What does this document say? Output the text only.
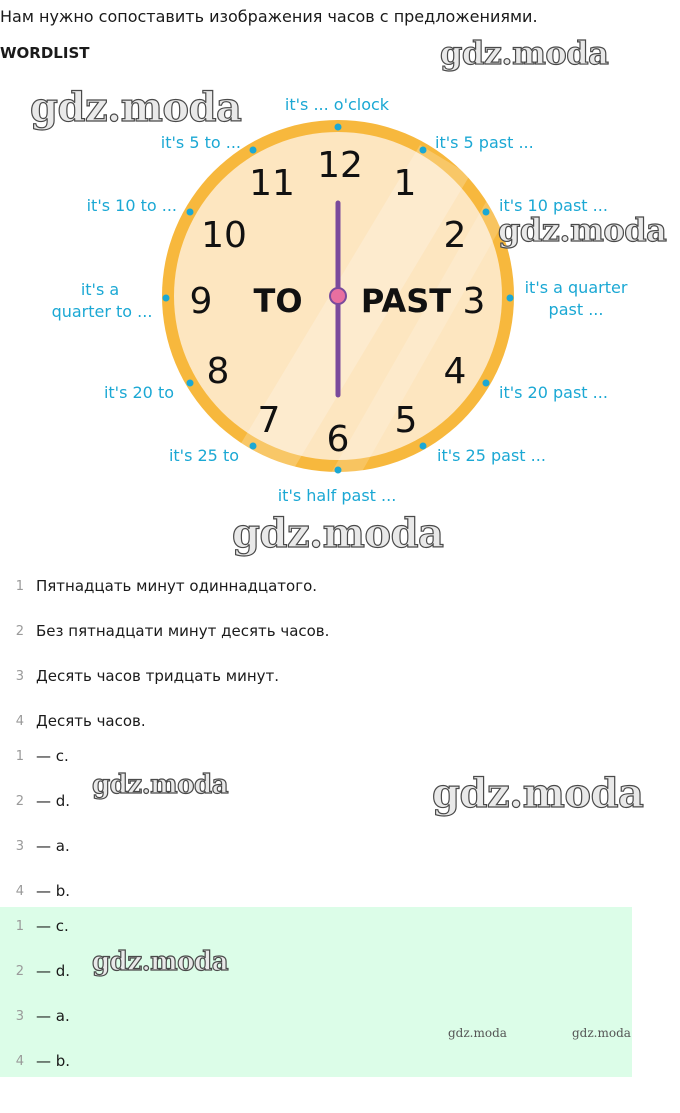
Нам нужно сопоставить изображения часов с предложениями.
WORDLIST	gdz.moda
12 1
2
3
4
5
6
7
8
9
10
11
TO PAST
it's ... o'clock
it's 5 past ...
it's 10 past ...
it's a quarter
past ...
it's 20 past ...
it's 25 past ...
it's half past ...
it's 25 to
it's 20 to
it's a
quarter to ...
it's 10 to ...
it's 5 to ...
gdz.moda
gdz.moda
gdz.moda
1 Пятнадцать минут одиннадцатого.
2 Без пятнадцати минут десять часов.
3 Десять часов тридцать минут.
4 Десять часов.
1 — c.
2 — d.
3 — a.
4 — b.
gdz.moda	gdz.moda
1 — c.
2 — d.
3 — a.
4 — b.
gdz.moda
gdz.moda	gdz.moda
